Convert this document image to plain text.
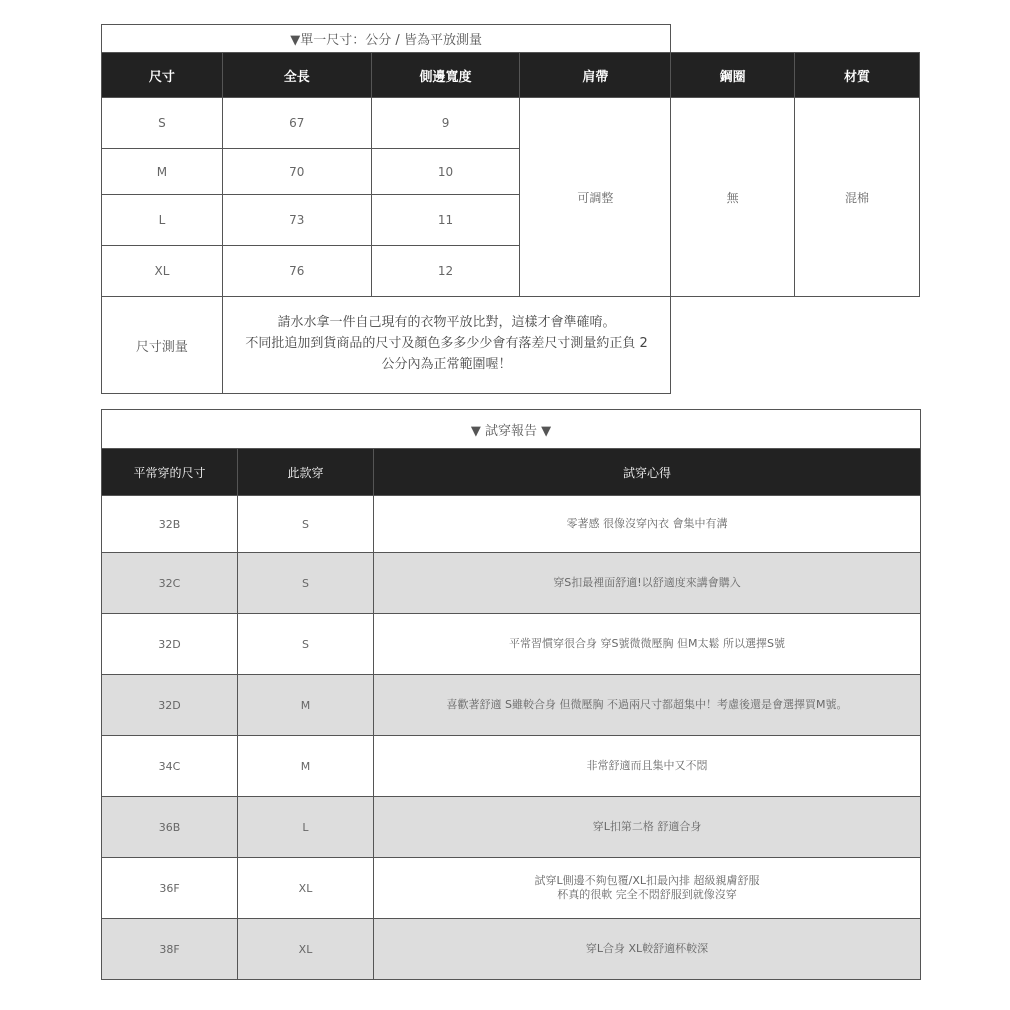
▼單一尺寸：公分 / 皆為平放測量					
尺寸	全長	側邊寬度	肩帶	鋼圈	材質
S	67	9	可調整	無	混棉
M	70	10			
L	73	11			
XL	76	12			
尺寸測量	請水水拿一件自己現有的衣物平放比對，這樣才會準確唷。
不同批追加到貨商品的尺寸及顏色多多少少會有落差尺寸測量約正負 2
公分內為正常範圍喔！				

▼ 試穿報告 ▼		
平常穿的尺寸	此款穿	試穿心得
32B	S	零著感 很像沒穿內衣 會集中有溝

32C	S	穿S扣最裡面舒適!以舒適度來講會購入

32D	S	平常習慣穿很合身 穿S號微微壓胸 但M太鬆 所以選擇S號

32D	M	喜歡著舒適 S雖較合身 但微壓胸 不過兩尺寸都超集中！考慮後還是會選擇買M號。

34C	M	非常舒適而且集中又不悶

36B	L	穿L扣第二格 舒適合身

36F	XL	試穿L側邊不夠包覆/XL扣最內排 超級親膚舒服
杯真的很軟 完全不悶舒服到就像沒穿

38F	XL	穿L合身 XL較舒適杯較深
